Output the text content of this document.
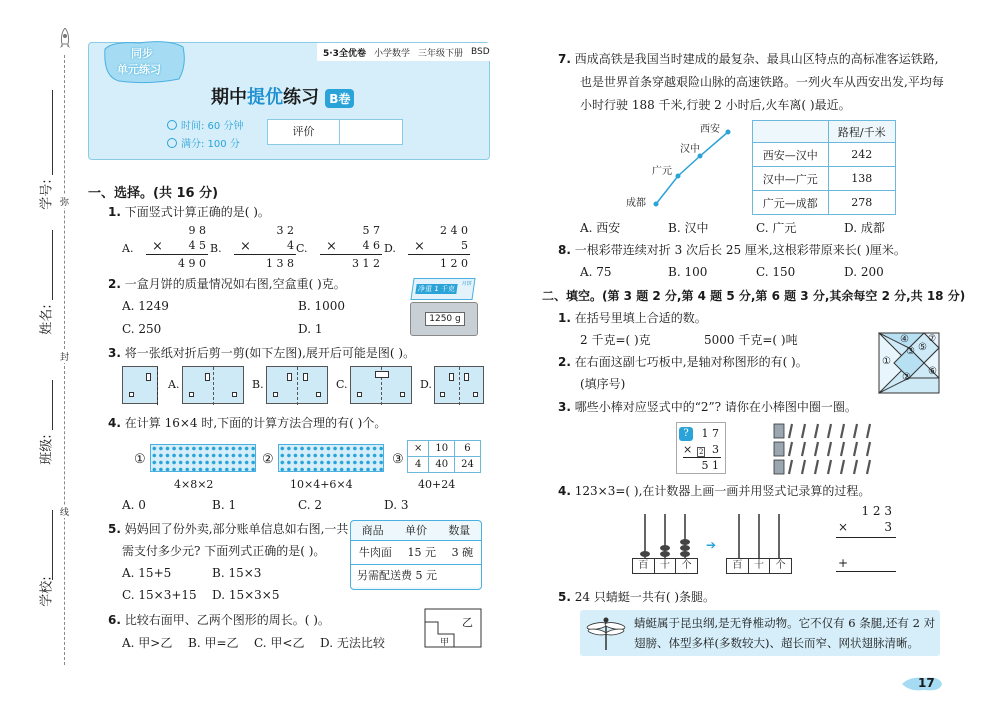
弥
封
线
学校:
班级:
姓名:
学号:
同步
单元练习
5·3全优卷 小学数学 三年级下册 BSD
期中提优练习 B卷
时间: 60 分钟
满分: 100 分
评价
一、选择。(共 16 分)
1. 下面竖式计算正确的是( )。
A.
9 8
× 4 5
4 9 0
B.
3 2
×	4
1 3 8
C.
5 7
× 4 6
3 1 2
D.
2 4 0
×	5
1 2 0
2. 一盒月饼的质量情况如右图,空盒重( )克。
A. 1249	B. 1000
C. 250	D. 1
净重 1 千克
月饼
1250 g
3. 将一张纸对折后剪一剪(如下左图),展开后可能是图( )。
A.	B.	C.	D.
4. 在计算 16×4 时,下面的计算方法合理的有( )个。
①
4×8×2
②
10×4+6×4
③
×	10	6
4	40	24
40+24
A. 0	B. 1	C. 2	D. 3
5. 妈妈回了份外卖,部分账单信息如右图,一共
需支付多少元? 下面列式正确的是( )。
A. 15+5	B. 15×3
C. 15×3+15 D. 15×3×5
商品 单价 数量
牛肉面 15 元 3 碗
另需配送费 5 元
6. 比较右面甲、乙两个图形的周长。( )。
A. 甲>乙 B. 甲=乙 C. 甲<乙 D. 无法比较
乙
甲
7. 西成高铁是我国当时建成的最复杂、最具山区特点的高标准客运铁路,
也是世界首条穿越艰险山脉的高速铁路。一列火车从西安出发,平均每
小时行驶 188 千米,行驶 2 小时后,火车离( )最近。
西安
汉中
广元
成都
	路程/千米
西安—汉中	242
汉中—广元	138
广元—成都	278
A. 西安	B. 汉中	C. 广元	D. 成都
8. 一根彩带连续对折 3 次后长 25 厘米,这根彩带原来长( )厘米。
A. 75	B. 100	C. 150	D. 200
二、填空。(第 3 题 2 分,第 4 题 5 分,第 6 题 3 分,其余每空 2 分,共 18 分)
1. 在括号里填上合适的数。
2 千克=( )克	5000 千克=( )吨
①
②
③
④
⑤
⑥
⑦
2. 在右面这副七巧板中,是轴对称图形的有( )。
(填序号)
3. 哪些小棒对应竖式中的“2”? 请你在小棒图中圈一圈。
?	1 7
× 2 3
5 1
4. 123×3=( ),在计数器上画一画并用竖式记录算的过程。
百	十	个
➔
百	十	个
1 2 3
×	3
+
5. 24 只蜻蜓一共有( )条腿。
蜻蜓属于昆虫纲,是无脊椎动物。它不仅有 6 条腿,还有 2 对
翅膀、体型多样(多数较大)、超长而窄、网状翅脉清晰。
17
